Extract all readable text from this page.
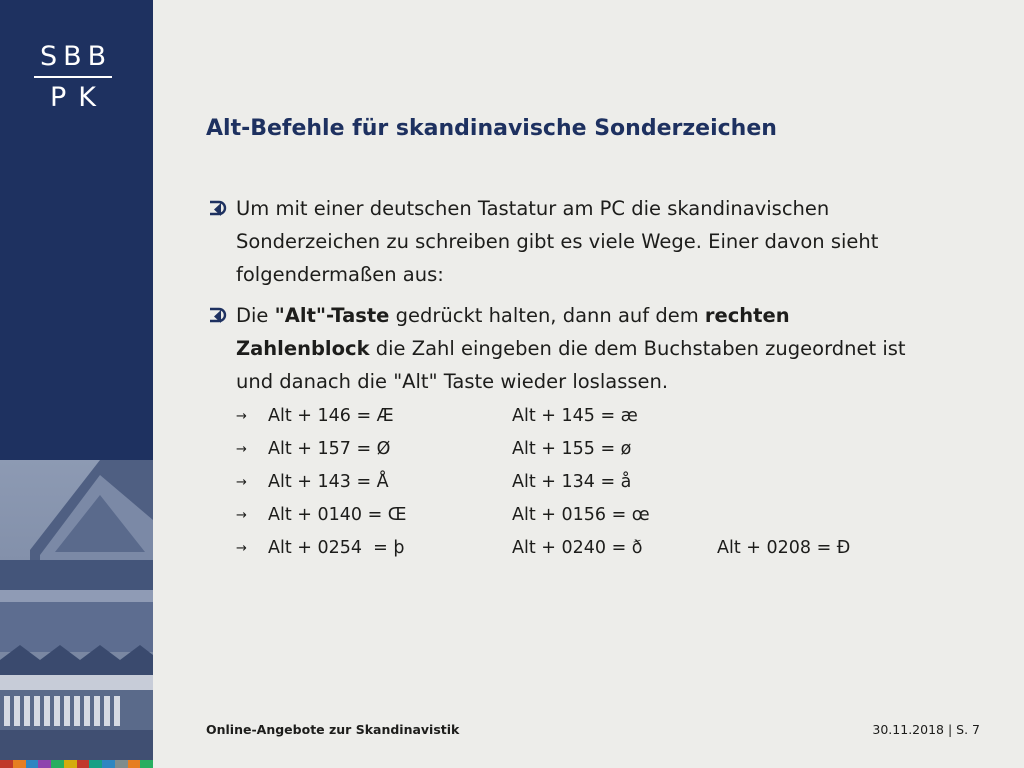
SBB
PK
Alt-Befehle für skandinavische Sonderzeichen
Um mit einer deutschen Tastatur am PC die skandinavischen Sonderzeichen zu schreiben gibt es viele Wege. Einer davon sieht folgendermaßen aus:
Die "Alt"-Taste gedrückt halten, dann auf dem rechten Zahlenblock die Zahl eingeben die dem Buchstaben zugeordnet ist und danach die "Alt" Taste wieder loslassen.
→	Alt + 146 = Æ	Alt + 145 = æ
→	Alt + 157 = Ø	Alt + 155 = ø
→	Alt + 143 = Å	Alt + 134 = å
→	Alt + 0140 = Œ	Alt + 0156 = œ
→	Alt + 0254  = þ	Alt + 0240 = ð	Alt + 0208 = Ð
Online-Angebote zur Skandinavistik	30.11.2018 | S. 7
